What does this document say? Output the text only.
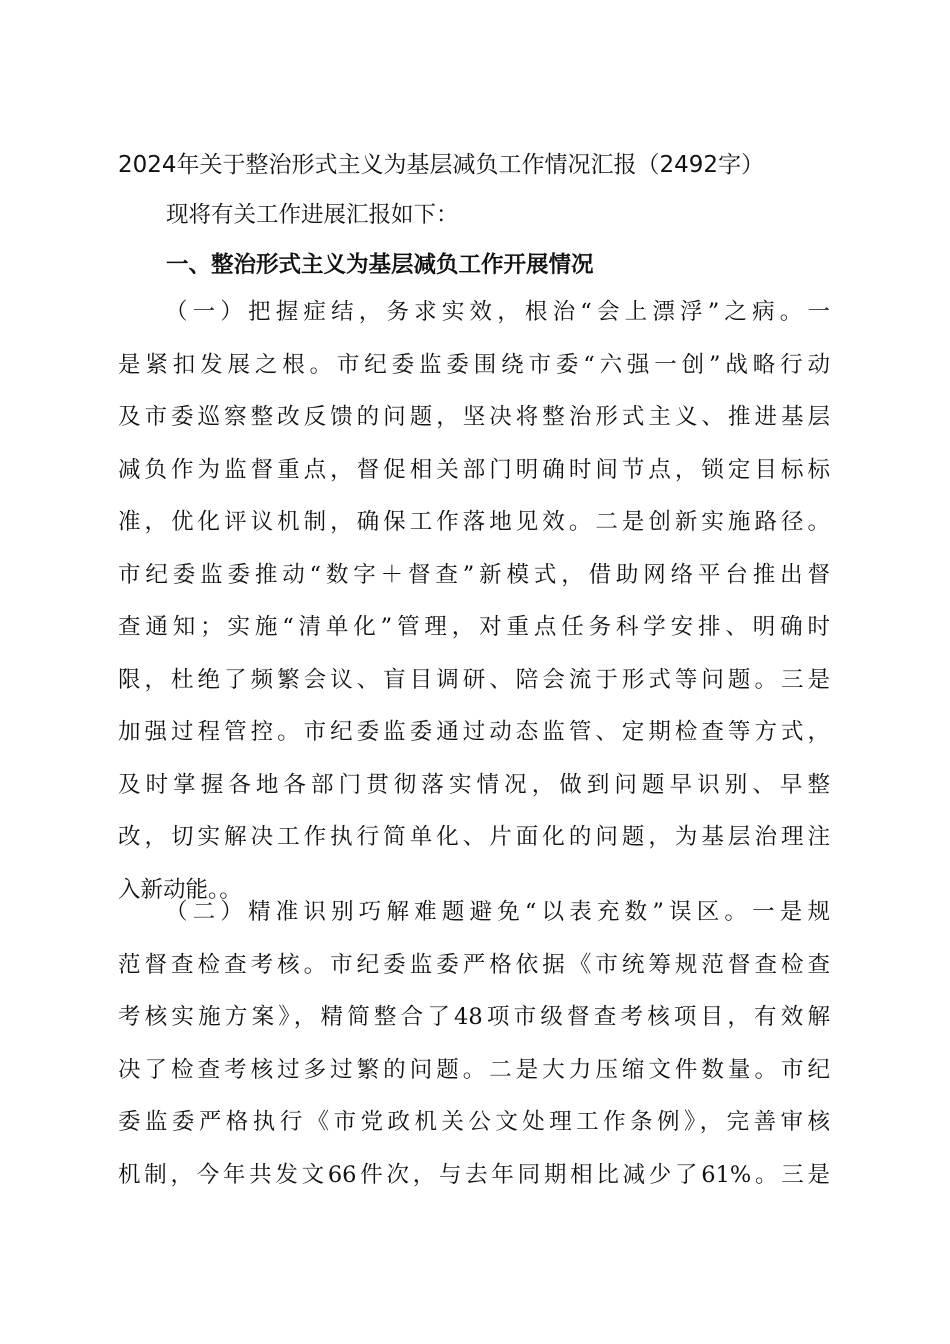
2024年关于整治形式主义为基层减负工作情况汇报（2492字）
现将有关工作进展汇报如下：
一、整治形式主义为基层减负工作开展情况
（一）把握症结，务求实效，根治“会上漂浮”之病。一
是紧扣发展之根。市纪委监委围绕市委“六强一创”战略行动
及市委巡察整改反馈的问题，坚决将整治形式主义、推进基层
减负作为监督重点，督促相关部门明确时间节点，锁定目标标
准，优化评议机制，确保工作落地见效。二是创新实施路径。
市纪委监委推动“数字＋督查”新模式，借助网络平台推出督
查通知；实施“清单化”管理，对重点任务科学安排、明确时
限，杜绝了频繁会议、盲目调研、陪会流于形式等问题。三是
加强过程管控。市纪委监委通过动态监管、定期检查等方式，
及时掌握各地各部门贯彻落实情况，做到问题早识别、早整
改，切实解决工作执行简单化、片面化的问题，为基层治理注
入新动能。。
（二）精准识别巧解难题避免“以表充数”误区。一是规
范督查检查考核。市纪委监委严格依据《市统筹规范督查检查
考核实施方案》，精简整合了48项市级督查考核项目，有效解
决了检查考核过多过繁的问题。二是大力压缩文件数量。市纪
委监委严格执行《市党政机关公文处理工作条例》，完善审核
机制，今年共发文66件次，与去年同期相比减少了61%。三是
